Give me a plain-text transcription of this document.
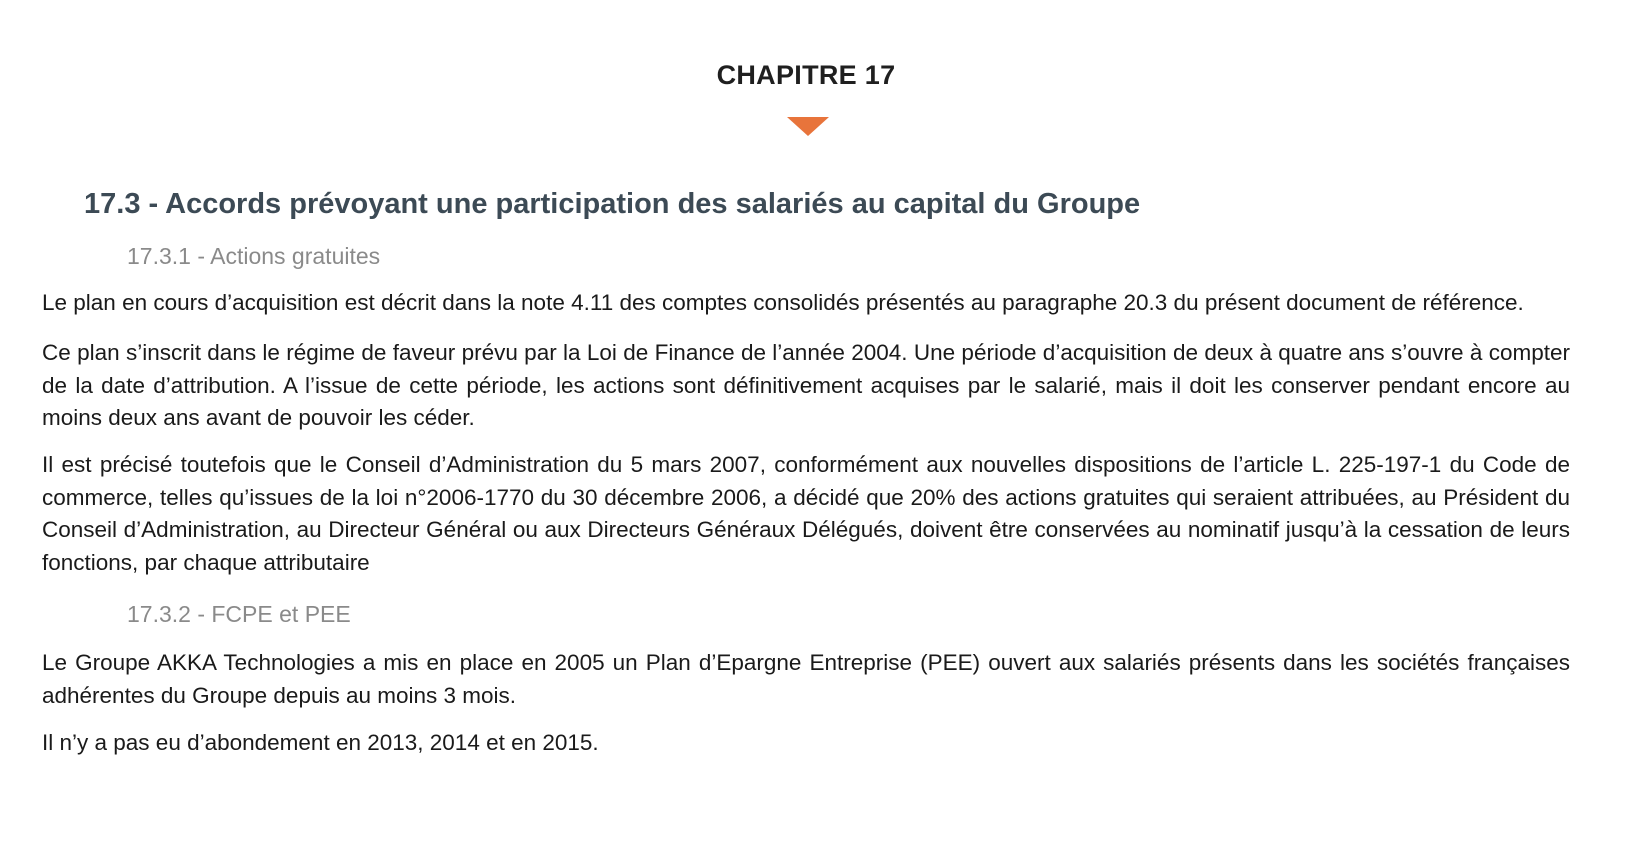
CHAPITRE 17
17.3 - Accords prévoyant une participation des salariés au capital du Groupe
17.3.1 - Actions gratuites
Le plan en cours d’acquisition est décrit dans la note 4.11 des comptes consolidés présentés au paragraphe 20.3 du présent document de référence.
Ce plan s’inscrit dans le régime de faveur prévu par la Loi de Finance de l’année 2004. Une période d’acquisition de deux à quatre ans s’ouvre à compter de la date d’attribution. A l’issue de cette période, les actions sont définitivement acquises par le salarié, mais il doit les conserver pendant encore au moins deux ans avant de pouvoir les céder.
Il est précisé toutefois que le Conseil d’Administration du 5 mars 2007, conformément aux nouvelles dispositions de l’article L. 225-197-1 du Code de commerce, telles qu’issues de la loi n°2006-1770 du 30 décembre 2006, a décidé que 20% des actions gratuites qui seraient attribuées, au Président du Conseil d’Administration, au Directeur Général ou aux Directeurs Généraux Délégués, doivent être conservées au nominatif jusqu’à la cessation de leurs fonctions, par chaque attributaire
17.3.2 - FCPE et PEE
Le Groupe AKKA Technologies a mis en place en 2005 un Plan d’Epargne Entreprise (PEE) ouvert aux salariés présents dans les sociétés françaises adhérentes du Groupe depuis au moins 3 mois.
Il n’y a pas eu d’abondement en 2013, 2014 et en 2015.
